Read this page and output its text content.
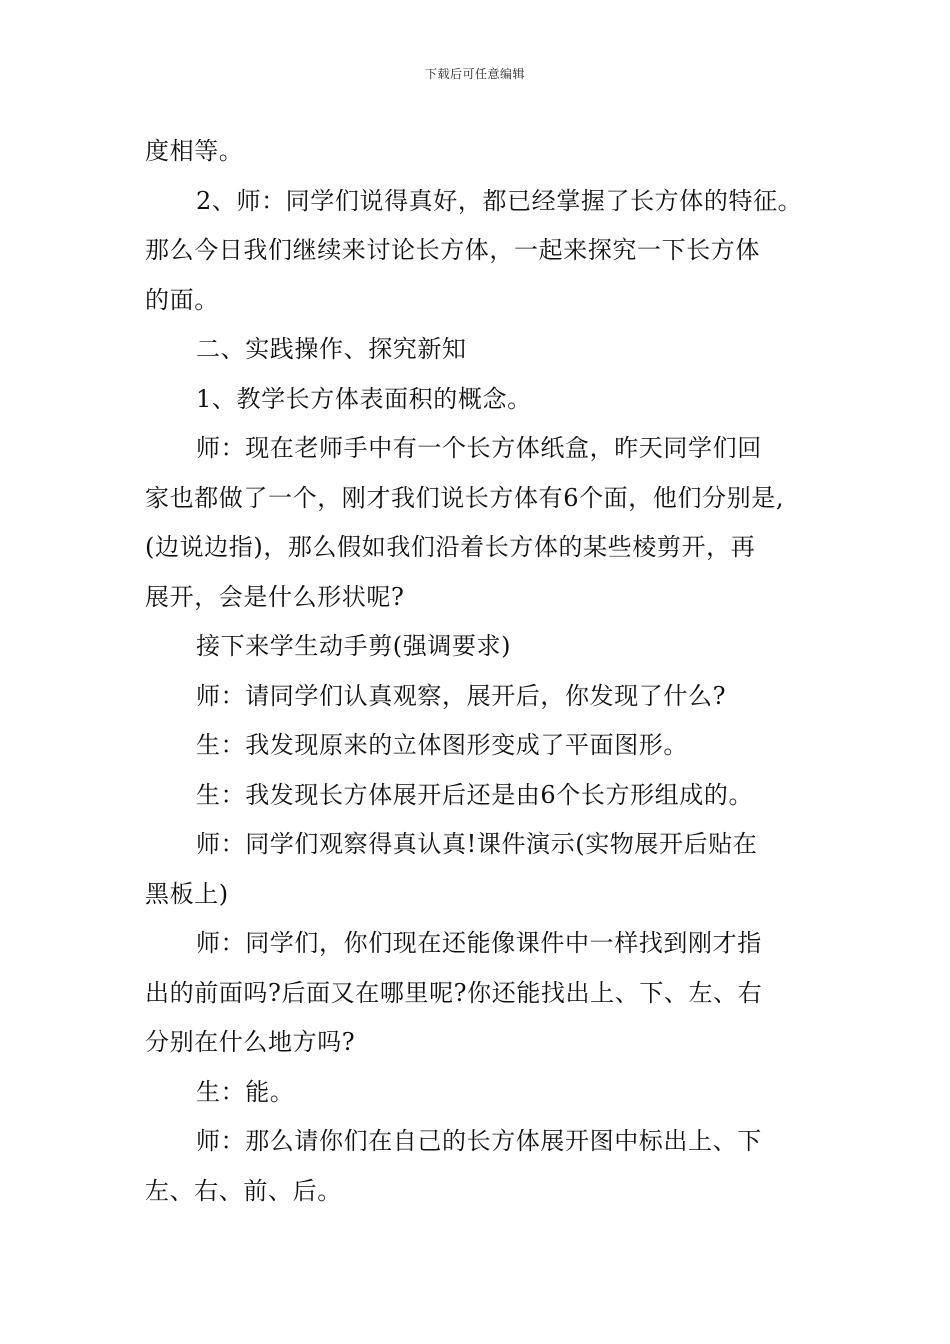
下载后可任意编辑
度相等。
2、师：同学们说得真好，都已经掌握了长方体的特征。
那么今日我们继续来讨论长方体，一起来探究一下长方体
的面。
二、实践操作、探究新知
1、教学长方体表面积的概念。
师：现在老师手中有一个长方体纸盒，昨天同学们回
家也都做了一个，刚才我们说长方体有6个面，他们分别是,
(边说边指)，那么假如我们沿着长方体的某些棱剪开，再
展开，会是什么形状呢?
接下来学生动手剪(强调要求)
师：请同学们认真观察，展开后，你发现了什么?
生：我发现原来的立体图形变成了平面图形。
生：我发现长方体展开后还是由6个长方形组成的。
师：同学们观察得真认真!课件演示(实物展开后贴在
黑板上)
师：同学们，你们现在还能像课件中一样找到刚才指
出的前面吗?后面又在哪里呢?你还能找出上、下、左、右
分别在什么地方吗?
生：能。
师：那么请你们在自己的长方体展开图中标出上、下
左、右、前、后。
